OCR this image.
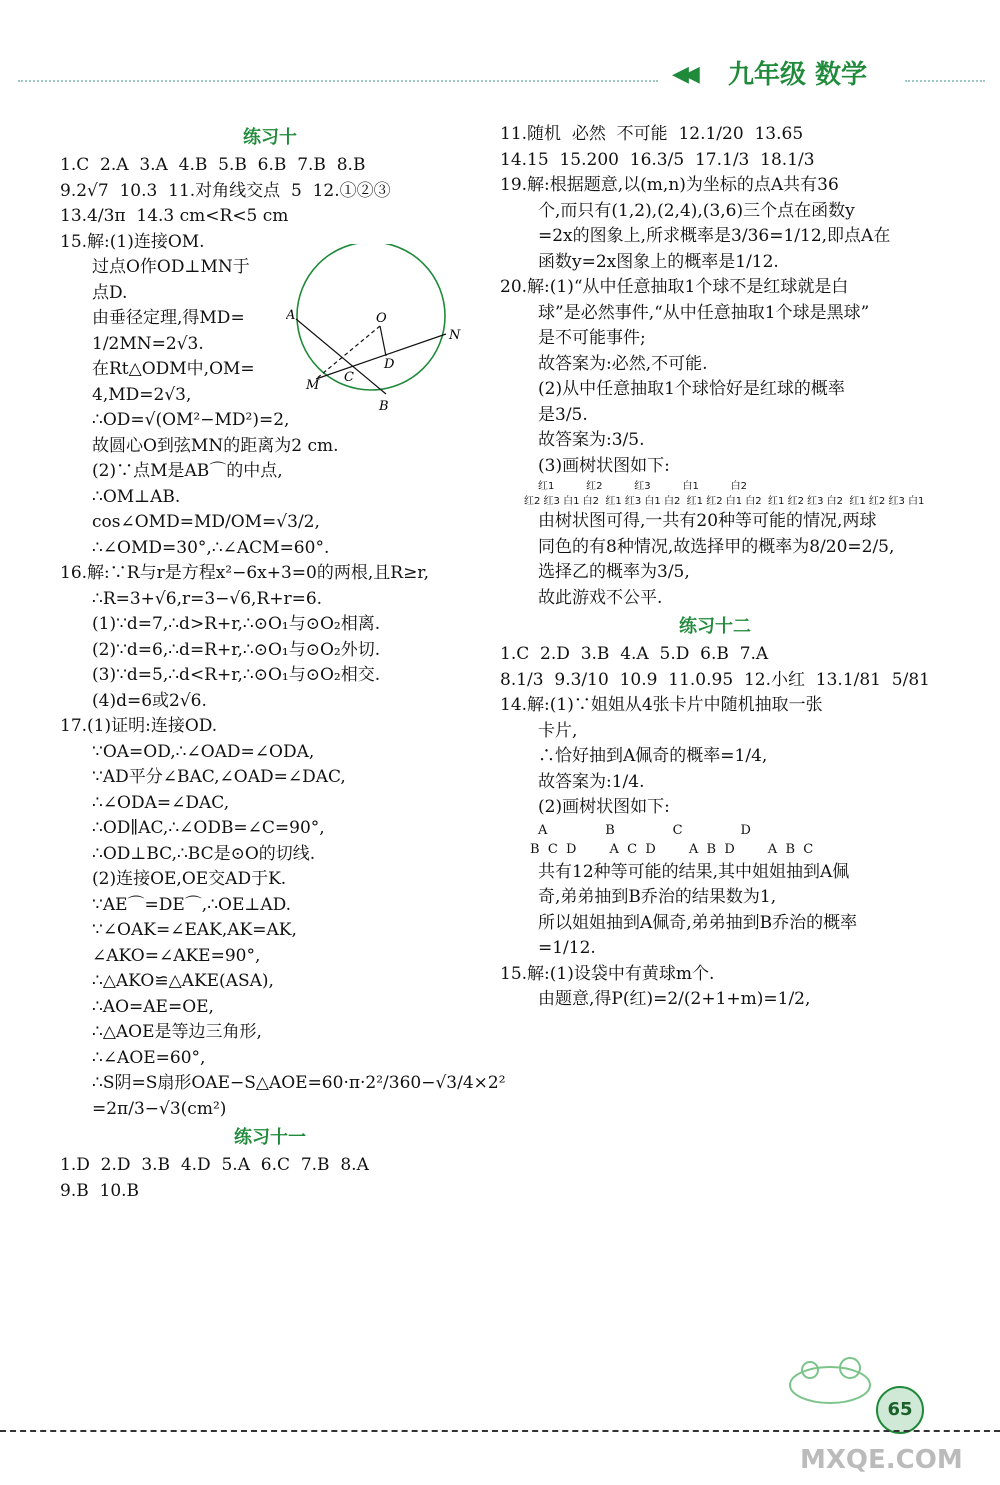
◀◀ 九年级 数学
练习十
1.C  2.A  3.A  4.B  5.B  6.B  7.B  8.B
9.2√7  10.3  11.对角线交点  5  12.①②③
13.4/3π  14.3 cm<R<5 cm
15.解:(1)连接OM.
过点O作OD⊥MN于
点D.
由垂径定理,得MD=
1/2MN=2√3.
在Rt△ODM中,OM=
4,MD=2√3,
∴OD=√(OM²−MD²)=2,
故圆心O到弦MN的距离为2 cm.
(2)∵点M是AB⌒的中点,
∴OM⊥AB.
cos∠OMD=MD/OM=√3/2,
∴∠OMD=30°,∴∠ACM=60°.
16.解:∵R与r是方程x²−6x+3=0的两根,且R≥r,
∴R=3+√6,r=3−√6,R+r=6.
(1)∵d=7,∴d>R+r,∴⊙O₁与⊙O₂相离.
(2)∵d=6,∴d=R+r,∴⊙O₁与⊙O₂外切.
(3)∵d=5,∴d<R+r,∴⊙O₁与⊙O₂相交.
(4)d=6或2√6.
17.(1)证明:连接OD.
∵OA=OD,∴∠OAD=∠ODA,
∵AD平分∠BAC,∠OAD=∠DAC,
∴∠ODA=∠DAC,
∴OD∥AC,∴∠ODB=∠C=90°,
∴OD⊥BC,∴BC是⊙O的切线.
(2)连接OE,OE交AD于K.
∵AE⌒=DE⌒,∴OE⊥AD.
∵∠OAK=∠EAK,AK=AK,
∠AKO=∠AKE=90°,
∴△AKO≌△AKE(ASA),
∴AO=AE=OE,
∴△AOE是等边三角形,
∴∠AOE=60°,
∴S阴=S扇形OAE−S△AOE=60·π·2²/360−√3/4×2²
=2π/3−√3(cm²)
练习十一
1.D  2.D  3.B  4.D  5.A  6.C  7.B  8.A
9.B  10.B
A	O
N
D
C
M
B
11.随机  必然  不可能  12.1/20  13.65
14.15  15.200  16.3/5  17.1/3  18.1/3
19.解:根据题意,以(m,n)为坐标的点A共有36
个,而只有(1,2),(2,4),(3,6)三个点在函数y
=2x的图象上,所求概率是3/36=1/12,即点A在
函数y=2x图象上的概率是1/12.
20.解:(1)“从中任意抽取1个球不是红球就是白
球”是必然事件,“从中任意抽取1个球是黑球”
是不可能事件;
故答案为:必然,不可能.
(2)从中任意抽取1个球恰好是红球的概率
是3/5.
故答案为:3/5.
(3)画树状图如下:
红1          红2          红3          白1          白2
红2 红3 白1 白2  红1 红3 白1 白2  红1 红2 白1 白2  红1 红2 红3 白2  红1 红2 红3 白1
由树状图可得,一共有20种等可能的情况,两球
同色的有8种情况,故选择甲的概率为8/20=2/5,
选择乙的概率为3/5,
故此游戏不公平.
练习十二
1.C  2.D  3.B  4.A  5.D  6.B  7.A
8.1/3  9.3/10  10.9  11.0.95  12.小红  13.1/81  5/81
14.解:(1)∵姐姐从4张卡片中随机抽取一张
卡片,
∴恰好抽到A佩奇的概率=1/4,
故答案为:1/4.
(2)画树状图如下:
A              B              C              D
B  C  D        A  C  D        A  B  D        A  B  C
共有12种等可能的结果,其中姐姐抽到A佩
奇,弟弟抽到B乔治的结果数为1,
所以姐姐抽到A佩奇,弟弟抽到B乔治的概率
=1/12.
15.解:(1)设袋中有黄球m个.
由题意,得P(红)=2/(2+1+m)=1/2,
65
MXQE.COM
